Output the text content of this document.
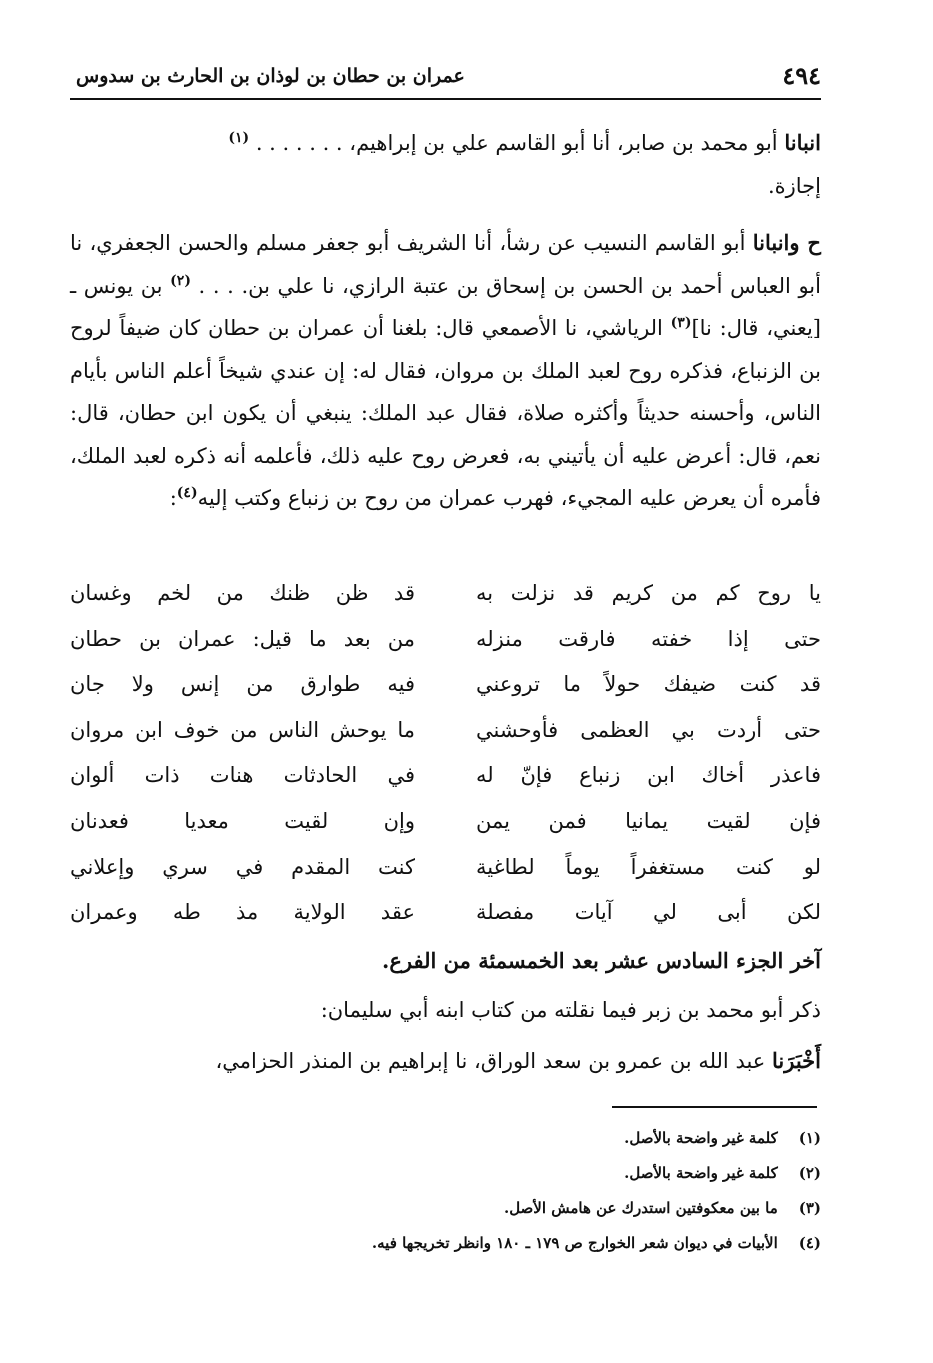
٤٩٤
عمران بن حطان بن لوذان بن الحارث بن سدوس
انبانا أبو محمد بن صابر، أنا أبو القاسم علي بن إبراهيم، . . . . . . . $^{(١)}$
إجازة.
ح وانبانا أبو القاسم النسيب عن رشأ، أنا الشريف أبو جعفر مسلم والحسن الجعفري، نا أبو العباس أحمد بن الحسن بن إسحاق بن عتبة الرازي، نا علي بن. . . . $^{(٢)}$ بن يونس ـ [يعني، قال: نا]$^{(٣)}$ الرياشي، نا الأصمعي قال: بلغنا أن عمران بن حطان كان ضيفاً لروح بن الزنباع، فذكره روح لعبد الملك بن مروان، فقال له: إن عندي شيخاً أعلم الناس بأيام الناس، وأحسنه حديثاً وأكثره صلاة، فقال عبد الملك: ينبغي أن يكون ابن حطان، قال: نعم، قال: أعرض عليه أن يأتيني به، فعرض روح عليه ذلك، فأعلمه أنه ذكره لعبد الملك، فأمره أن يعرض عليه المجيء، فهرب عمران من روح بن زنباع وكتب إليه$^{(٤)}$:
يا روح كم من كريم قد نزلت به
قد ظن ظنك من لخم وغسان
حتى إذا خفته فارقت منزله
من بعد ما قيل: عمران بن حطان
قد كنت ضيفك حولاً ما تروعني
فيه طوارق من إنس ولا جان
حتى أردت بي العظمى فأوحشني
ما يوحش الناس من خوف ابن مروان
فاعذر أخاك ابن زنباع فإنّ له
في الحادثات هنات ذات ألوان
فإن لقيت يمانيا فمن يمن
وإن لقيت معديا فعدنان
لو كنت مستغفراً يوماً لطاغية
كنت المقدم في سري وإعلاني
لكن أبى لي آيات مفصلة
عقد الولاية مذ طه وعمران
آخر الجزء السادس عشر بعد الخمسمئة من الفرع.
ذكر أبو محمد بن زبر فيما نقلته من كتاب ابنه أبي سليمان:
أَخْبَرَنا عبد الله بن عمرو بن سعد الوراق، نا إبراهيم بن المنذر الحزامي،
(١) كلمة غير واضحة بالأصل.
(٢) كلمة غير واضحة بالأصل.
(٣) ما بين معكوفتين استدرك عن هامش الأصل.
(٤) الأبيات في ديوان شعر الخوارج ص ١٧٩ ـ ١٨٠ وانظر تخريجها فيه.
